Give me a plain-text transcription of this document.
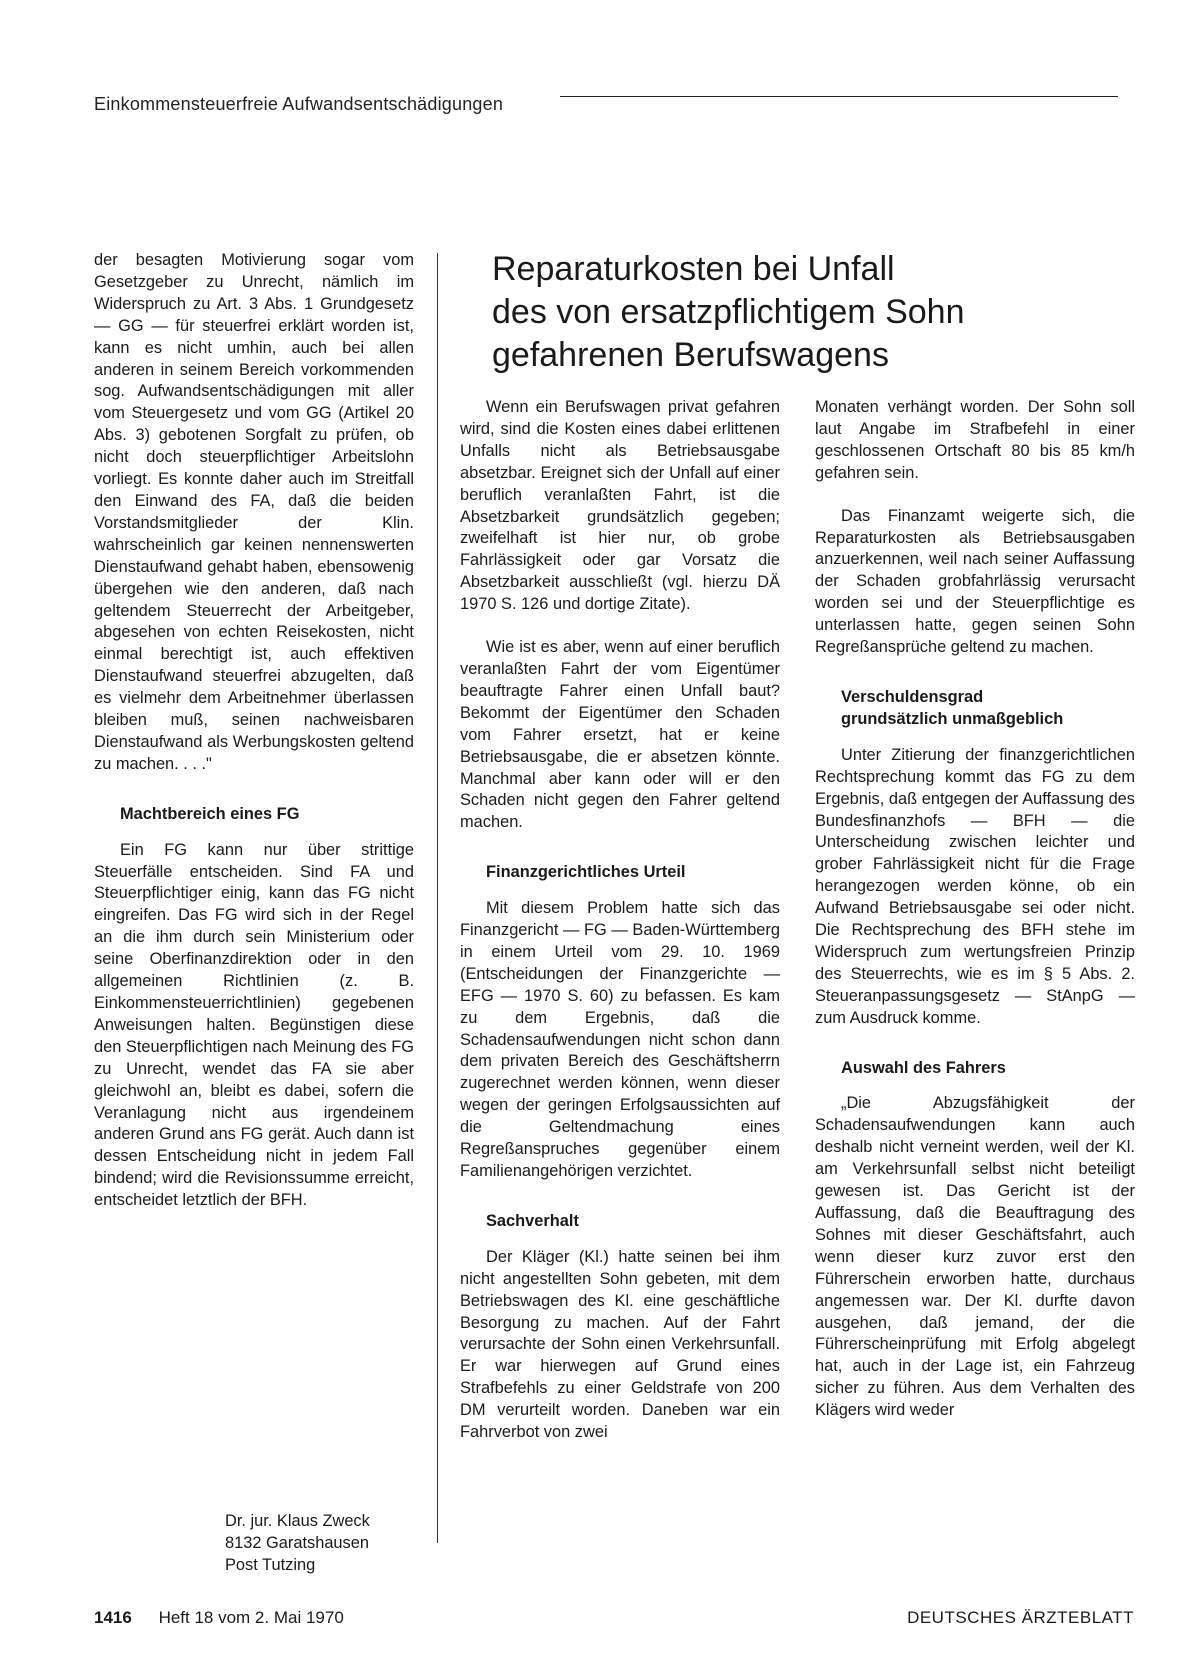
Einkommensteuerfreie Aufwandsentschädigungen

der besagten Motivierung sogar vom Gesetzgeber zu Unrecht, nämlich im Widerspruch zu Art. 3 Abs. 1 Grundgesetz — GG — für steuerfrei erklärt worden ist, kann es nicht umhin, auch bei allen anderen in seinem Bereich vorkommenden sog. Aufwandsentschädigungen mit aller vom Steuergesetz und vom GG (Artikel 20 Abs. 3) gebotenen Sorgfalt zu prüfen, ob nicht doch steuerpflichtiger Arbeitslohn vorliegt. Es konnte daher auch im Streitfall den Einwand des FA, daß die beiden Vorstandsmitglieder der Klin. wahrscheinlich gar keinen nennenswerten Dienstaufwand gehabt haben, ebensowenig übergehen wie den anderen, daß nach geltendem Steuerrecht der Arbeitgeber, abgesehen von echten Reisekosten, nicht einmal berechtigt ist, auch effektiven Dienstaufwand steuerfrei abzugelten, daß es vielmehr dem Arbeitnehmer überlassen bleiben muß, seinen nachweisbaren Dienstaufwand als Werbungskosten geltend zu machen. . . ."

Machtbereich eines FG

Ein FG kann nur über strittige Steuerfälle entscheiden. Sind FA und Steuerpflichtiger einig, kann das FG nicht eingreifen. Das FG wird sich in der Regel an die ihm durch sein Ministerium oder seine Oberfinanzdirektion oder in den allgemeinen Richtlinien (z. B. Einkommensteuerrichtlinien) gegebenen Anweisungen halten. Begünstigen diese den Steuerpflichtigen nach Meinung des FG zu Unrecht, wendet das FA sie aber gleichwohl an, bleibt es dabei, sofern die Veranlagung nicht aus irgendeinem anderen Grund ans FG gerät. Auch dann ist dessen Entscheidung nicht in jedem Fall bindend; wird die Revisionssumme erreicht, entscheidet letztlich der BFH.

Dr. jur. Klaus Zweck
8132 Garatshausen
Post Tutzing
Reparaturkosten bei Unfall
des von ersatzpflichtigem Sohn
gefahrenen Berufswagens

Wenn ein Berufswagen privat gefahren wird, sind die Kosten eines dabei erlittenen Unfalls nicht als Betriebsausgabe absetzbar. Ereignet sich der Unfall auf einer beruflich veranlaßten Fahrt, ist die Absetzbarkeit grundsätzlich gegeben; zweifelhaft ist hier nur, ob grobe Fahrlässigkeit oder gar Vorsatz die Absetzbarkeit ausschließt (vgl. hierzu DÄ 1970 S. 126 und dortige Zitate).

Wie ist es aber, wenn auf einer beruflich veranlaßten Fahrt der vom Eigentümer beauftragte Fahrer einen Unfall baut? Bekommt der Eigentümer den Schaden vom Fahrer ersetzt, hat er keine Betriebsausgabe, die er absetzen könnte. Manchmal aber kann oder will er den Schaden nicht gegen den Fahrer geltend machen.

Finanzgerichtliches Urteil

Mit diesem Problem hatte sich das Finanzgericht — FG — Baden-Württemberg in einem Urteil vom 29. 10. 1969 (Entscheidungen der Finanzgerichte — EFG — 1970 S. 60) zu befassen. Es kam zu dem Ergebnis, daß die Schadensaufwendungen nicht schon dann dem privaten Bereich des Geschäftsherrn zugerechnet werden können, wenn dieser wegen der geringen Erfolgsaussichten auf die Geltendmachung eines Regreßanspruches gegenüber einem Familienangehörigen verzichtet.

Sachverhalt

Der Kläger (Kl.) hatte seinen bei ihm nicht angestellten Sohn gebeten, mit dem Betriebswagen des Kl. eine geschäftliche Besorgung zu machen. Auf der Fahrt verursachte der Sohn einen Verkehrsunfall. Er war hierwegen auf Grund eines Strafbefehls zu einer Geldstrafe von 200 DM verurteilt worden. Daneben war ein Fahrverbot von zwei

Monaten verhängt worden. Der Sohn soll laut Angabe im Strafbefehl in einer geschlossenen Ortschaft 80 bis 85 km/h gefahren sein.

Das Finanzamt weigerte sich, die Reparaturkosten als Betriebsausgaben anzuerkennen, weil nach seiner Auffassung der Schaden grobfahrlässig verursacht worden sei und der Steuerpflichtige es unterlassen hatte, gegen seinen Sohn Regreßansprüche geltend zu machen.

Verschuldensgrad
grundsätzlich unmaßgeblich

Unter Zitierung der finanzgerichtlichen Rechtsprechung kommt das FG zu dem Ergebnis, daß entgegen der Auffassung des Bundesfinanzhofs — BFH — die Unterscheidung zwischen leichter und grober Fahrlässigkeit nicht für die Frage herangezogen werden könne, ob ein Aufwand Betriebsausgabe sei oder nicht. Die Rechtsprechung des BFH stehe im Widerspruch zum wertungsfreien Prinzip des Steuerrechts, wie es im § 5 Abs. 2. Steueranpassungsgesetz — StAnpG — zum Ausdruck komme.

Auswahl des Fahrers

„Die Abzugsfähigkeit der Schadensaufwendungen kann auch deshalb nicht verneint werden, weil der Kl. am Verkehrsunfall selbst nicht beteiligt gewesen ist. Das Gericht ist der Auffassung, daß die Beauftragung des Sohnes mit dieser Geschäftsfahrt, auch wenn dieser kurz zuvor erst den Führerschein erworben hatte, durchaus angemessen war. Der Kl. durfte davon ausgehen, daß jemand, der die Führerscheinprüfung mit Erfolg abgelegt hat, auch in der Lage ist, ein Fahrzeug sicher zu führen. Aus dem Verhalten des Klägers wird weder

1416 Heft 18 vom 2. Mai 1970	DEUTSCHES ÄRZTEBLATT
